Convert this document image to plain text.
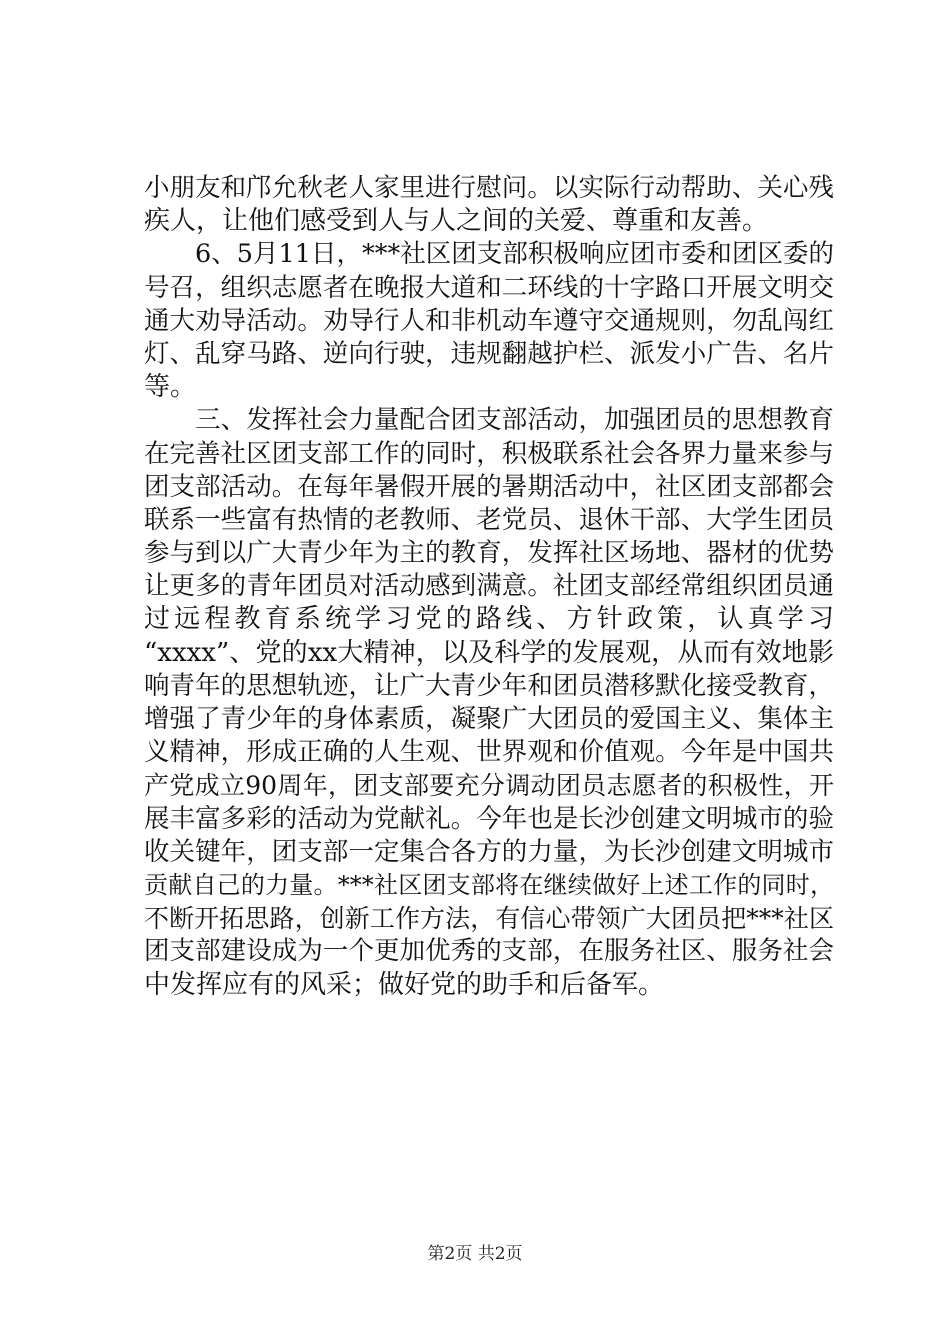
小朋友和邝允秋老人家里进行慰问。以实际行动帮助、关心残
疾人，让他们感受到人与人之间的关爱、尊重和友善。
　　6、5月11日，***社区团支部积极响应团市委和团区委的
号召，组织志愿者在晚报大道和二环线的十字路口开展文明交
通大劝导活动。劝导行人和非机动车遵守交通规则，勿乱闯红
灯、乱穿马路、逆向行驶，违规翻越护栏、派发小广告、名片
等。
　　三、发挥社会力量配合团支部活动，加强团员的思想教育
在完善社区团支部工作的同时，积极联系社会各界力量来参与
团支部活动。在每年暑假开展的暑期活动中，社区团支部都会
联系一些富有热情的老教师、老党员、退休干部、大学生团员
参与到以广大青少年为主的教育，发挥社区场地、器材的优势
让更多的青年团员对活动感到满意。社团支部经常组织团员通
过远程教育系统学习党的路线、方针政策，认真学习
“xxxx”、党的xx大精神，以及科学的发展观，从而有效地影
响青年的思想轨迹，让广大青少年和团员潜移默化接受教育，
增强了青少年的身体素质，凝聚广大团员的爱国主义、集体主
义精神，形成正确的人生观、世界观和价值观。今年是中国共
产党成立90周年，团支部要充分调动团员志愿者的积极性，开
展丰富多彩的活动为党献礼。今年也是长沙创建文明城市的验
收关键年，团支部一定集合各方的力量，为长沙创建文明城市
贡献自己的力量。***社区团支部将在继续做好上述工作的同时，
不断开拓思路，创新工作方法，有信心带领广大团员把***社区
团支部建设成为一个更加优秀的支部，在服务社区、服务社会
中发挥应有的风采；做好党的助手和后备军。
第2页 共2页
